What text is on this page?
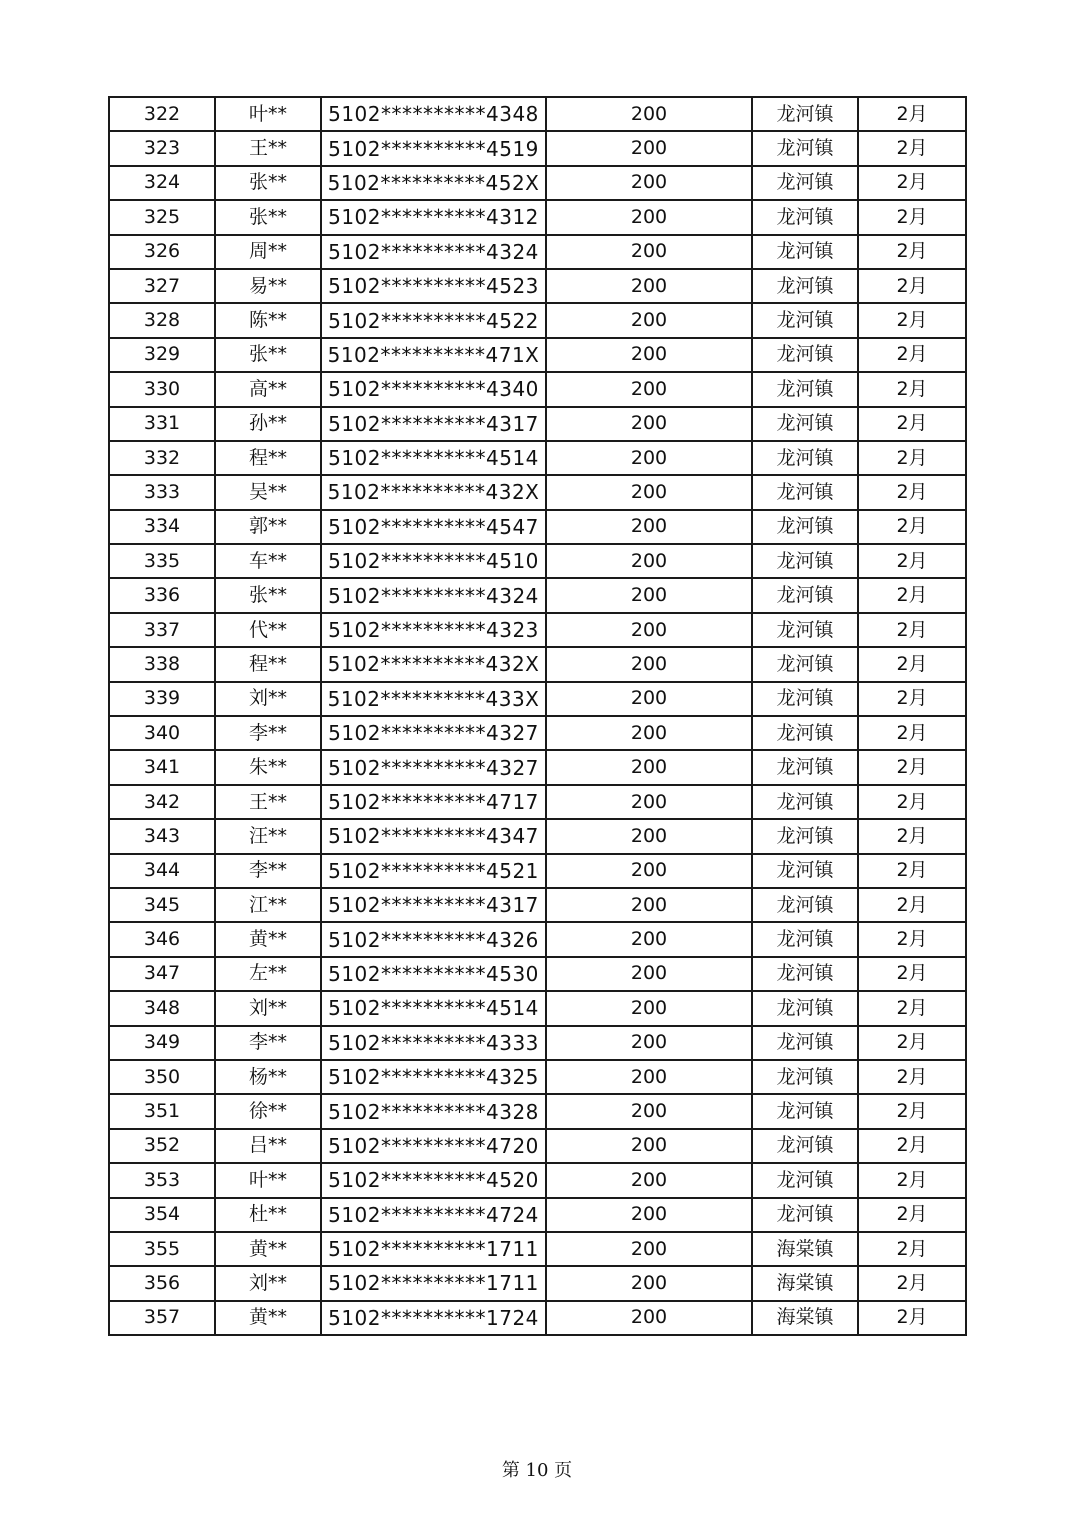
322	叶**	5102**********4348	200	龙河镇	2月
323	王**	5102**********4519	200	龙河镇	2月
324	张**	5102**********452X	200	龙河镇	2月
325	张**	5102**********4312	200	龙河镇	2月
326	周**	5102**********4324	200	龙河镇	2月
327	易**	5102**********4523	200	龙河镇	2月
328	陈**	5102**********4522	200	龙河镇	2月
329	张**	5102**********471X	200	龙河镇	2月
330	高**	5102**********4340	200	龙河镇	2月
331	孙**	5102**********4317	200	龙河镇	2月
332	程**	5102**********4514	200	龙河镇	2月
333	吴**	5102**********432X	200	龙河镇	2月
334	郭**	5102**********4547	200	龙河镇	2月
335	车**	5102**********4510	200	龙河镇	2月
336	张**	5102**********4324	200	龙河镇	2月
337	代**	5102**********4323	200	龙河镇	2月
338	程**	5102**********432X	200	龙河镇	2月
339	刘**	5102**********433X	200	龙河镇	2月
340	李**	5102**********4327	200	龙河镇	2月
341	朱**	5102**********4327	200	龙河镇	2月
342	王**	5102**********4717	200	龙河镇	2月
343	汪**	5102**********4347	200	龙河镇	2月
344	李**	5102**********4521	200	龙河镇	2月
345	江**	5102**********4317	200	龙河镇	2月
346	黄**	5102**********4326	200	龙河镇	2月
347	左**	5102**********4530	200	龙河镇	2月
348	刘**	5102**********4514	200	龙河镇	2月
349	李**	5102**********4333	200	龙河镇	2月
350	杨**	5102**********4325	200	龙河镇	2月
351	徐**	5102**********4328	200	龙河镇	2月
352	吕**	5102**********4720	200	龙河镇	2月
353	叶**	5102**********4520	200	龙河镇	2月
354	杜**	5102**********4724	200	龙河镇	2月
355	黄**	5102**********1711	200	海棠镇	2月
356	刘**	5102**********1711	200	海棠镇	2月
357	黄**	5102**********1724	200	海棠镇	2月
第 10 页
